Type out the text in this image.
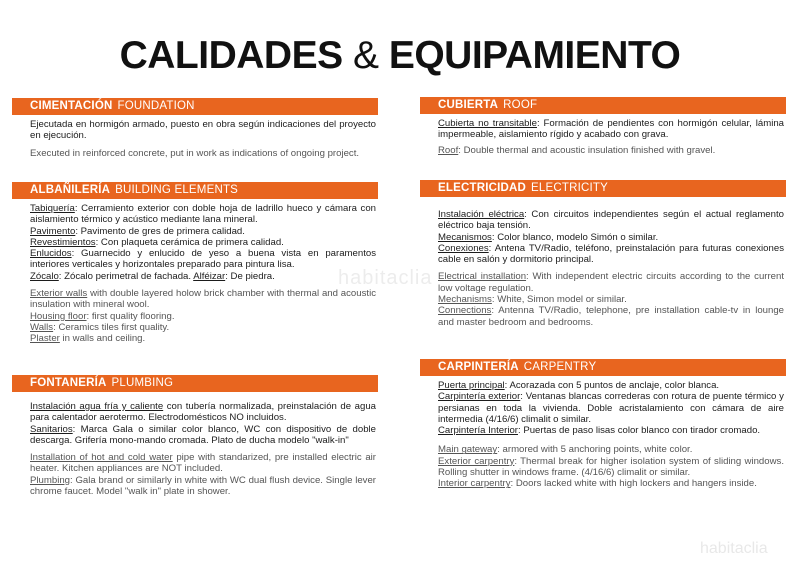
CALIDADES & EQUIPAMIENTO
habitaclia
habitaclia
CIMENTACIÓN FOUNDATION

Ejecutada en hormigón armado, puesto en obra según indicaciones del proyecto en ejecución.

Executed in reinforced concrete, put in work as indications of ongoing project.

ALBAÑILERÍA BUILDING ELEMENTS

Tabiquería: Cerramiento exterior con doble hoja de ladrillo hueco y cámara con aislamiento térmico y acústico mediante lana mineral.
Pavimento: Pavimento de gres de primera calidad.
Revestimientos: Con plaqueta cerámica de primera calidad.
Enlucidos: Guarnecido y enlucido de yeso a buena vista en paramentos interiores verticales y horizontales preparado para pintura lisa.
Zócalo: Zócalo perimetral de fachada. Alféizar: De piedra.

Exterior walls with double layered holow brick chamber with thermal and acoustic insulation with mineral wool.
Housing floor: first quality flooring.
Walls: Ceramics tiles first quality.
Plaster in walls and ceiling.

FONTANERÍA PLUMBING

Instalación agua fría y caliente con tubería normalizada, preinstalación de agua para calentador aerotermo. Electrodomésticos NO incluidos.
Sanitarios: Marca Gala o similar color blanco, WC con dispositivo de doble descarga. Grifería mono-mando cromada. Plato de ducha modelo "walk-in"

Installation of hot and cold water pipe with standarized, pre installed electric air heater. Kitchen appliances are NOT included.
Plumbing: Gala brand or similarly in white with WC dual flush device. Single lever chrome faucet. Model "walk in" plate in shower.

CUBIERTA ROOF

Cubierta no transitable: Formación de pendientes con hormigón celular, lámina impermeable, aislamiento rígido y acabado con grava.

Roof: Double thermal and acoustic insulation finished with gravel.

ELECTRICIDAD ELECTRICITY

Instalación eléctrica: Con circuitos independientes según el actual reglamento eléctrico baja tensión.
Mecanismos: Color blanco, modelo Simón o similar.
Conexiones: Antena TV/Radio, teléfono, preinstalación para futuras conexiones cable en salón y dormitorio principal.

Electrical installation: With independent electric circuits according to the current low voltage regulation.
Mechanisms: White, Simon model or similar.
Connections: Antenna TV/Radio, telephone, pre installation cable-tv in lounge and master bedroom and bedrooms.

CARPINTERÍA CARPENTRY

Puerta principal: Acorazada con 5 puntos de anclaje, color blanca.
Carpintería exterior: Ventanas blancas correderas con rotura de puente térmico y persianas en toda la vivienda. Doble acristalamiento con cámara de aire intermedia (4/16/6) climalit o similar.
Carpintería Interior: Puertas de paso lisas color blanco con tirador cromado.

Main gateway: armored with 5 anchoring points, white color.
Exterior carpentry: Thermal break for higher isolation system of sliding windows. Rolling shutter in windows frame. (4/16/6) climalit or similar.
Interior carpentry: Doors lacked white with high lockers and hangers inside.
